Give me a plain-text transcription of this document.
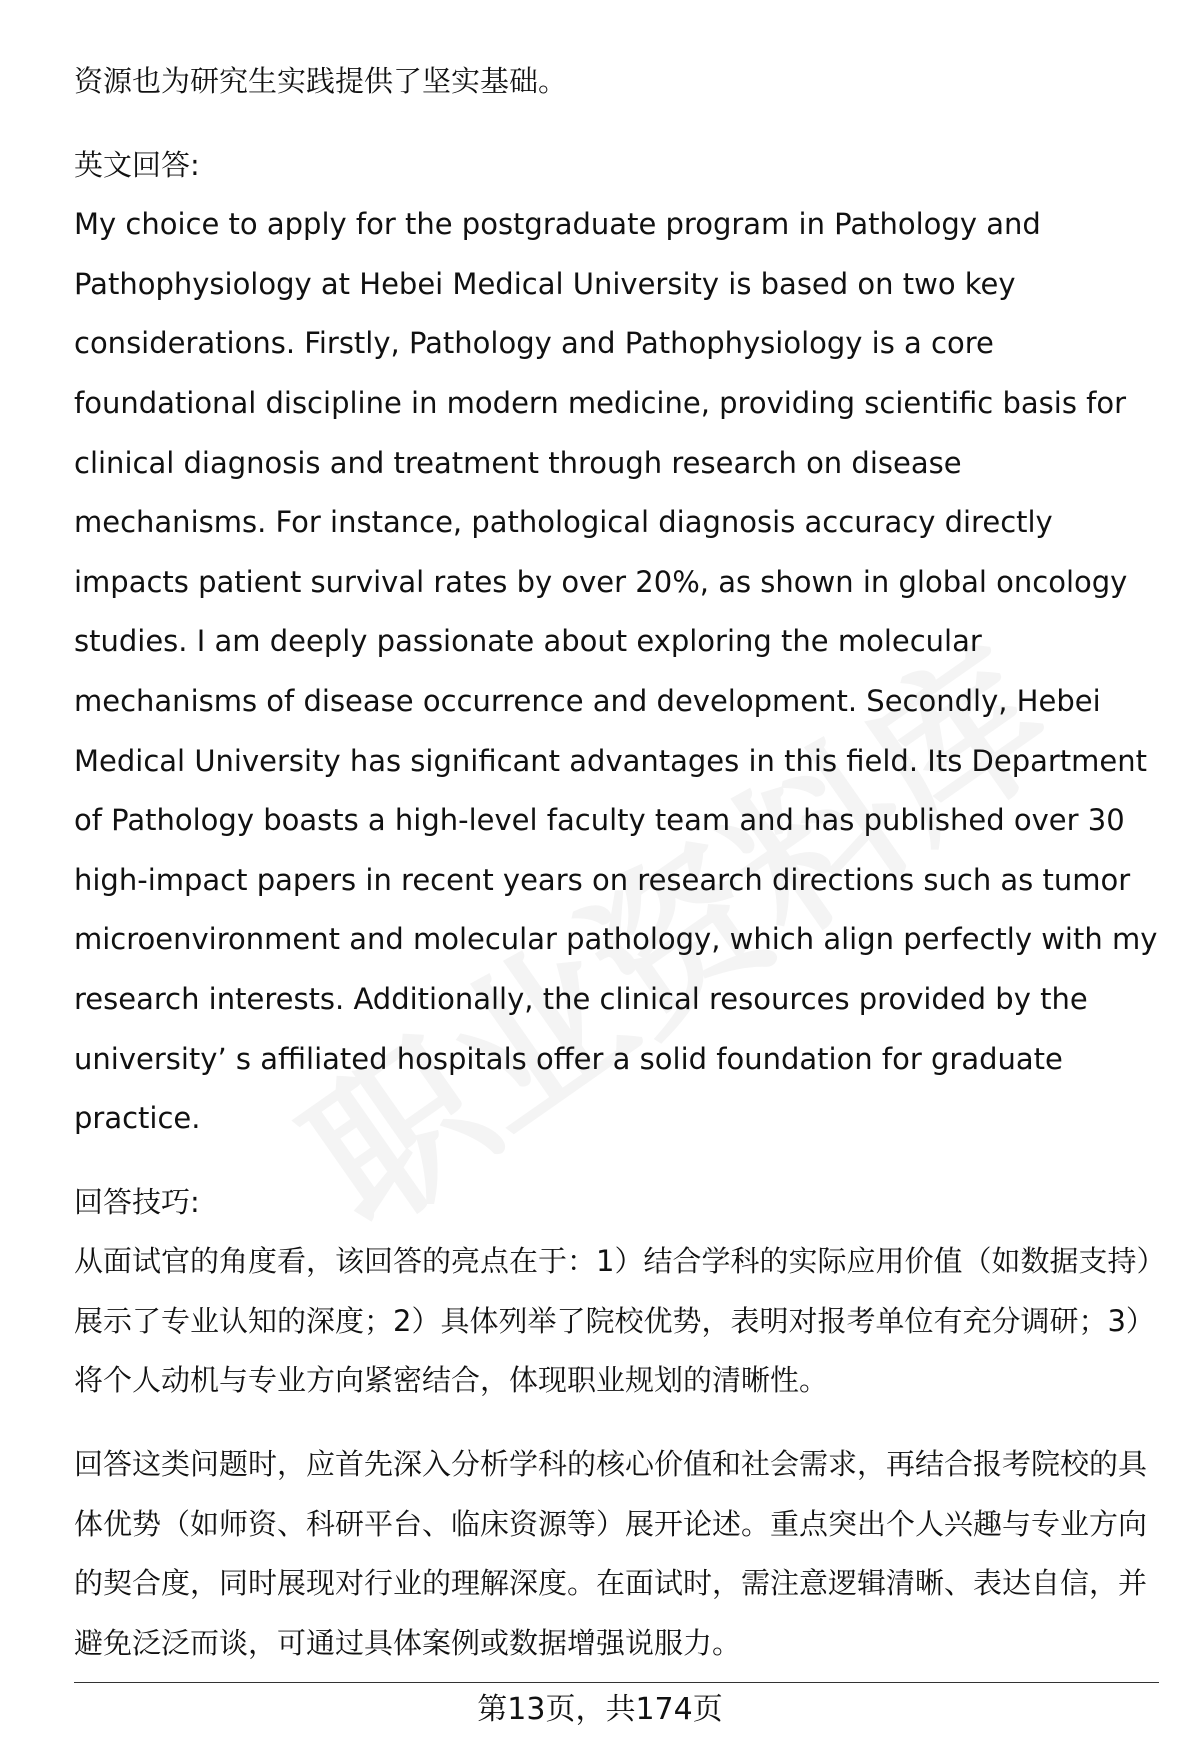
资源也为研究生实践提供了坚实基础。

英文回答:

My choice to apply for the postgraduate program in Pathology and Pathophysiology at Hebei Medical University is based on two key considerations. Firstly, Pathology and Pathophysiology is a core foundational discipline in modern medicine, providing scientific basis for clinical diagnosis and treatment through research on disease mechanisms. For instance, pathological diagnosis accuracy directly impacts patient survival rates by over 20%, as shown in global oncology studies. I am deeply passionate about exploring the molecular mechanisms of disease occurrence and development. Secondly, Hebei Medical University has significant advantages in this field. Its Department of Pathology boasts a high-level faculty team and has published over 30 high-impact papers in recent years on research directions such as tumor microenvironment and molecular pathology, which align perfectly with my research interests. Additionally, the clinical resources provided by the university’ s affiliated hospitals offer a solid foundation for graduate practice.

回答技巧:

从面试官的角度看，该回答的亮点在于：1）结合学科的实际应用价值（如数据支持）展示了专业认知的深度；2）具体列举了院校优势，表明对报考单位有充分调研；3）将个人动机与专业方向紧密结合，体现职业规划的清晰性。

回答这类问题时，应首先深入分析学科的核心价值和社会需求，再结合报考院校的具体优势（如师资、科研平台、临床资源等）展开论述。重点突出个人兴趣与专业方向的契合度，同时展现对行业的理解深度。在面试时，需注意逻辑清晰、表达自信，并避免泛泛而谈，可通过具体案例或数据增强说服力。

第13页，共174页
